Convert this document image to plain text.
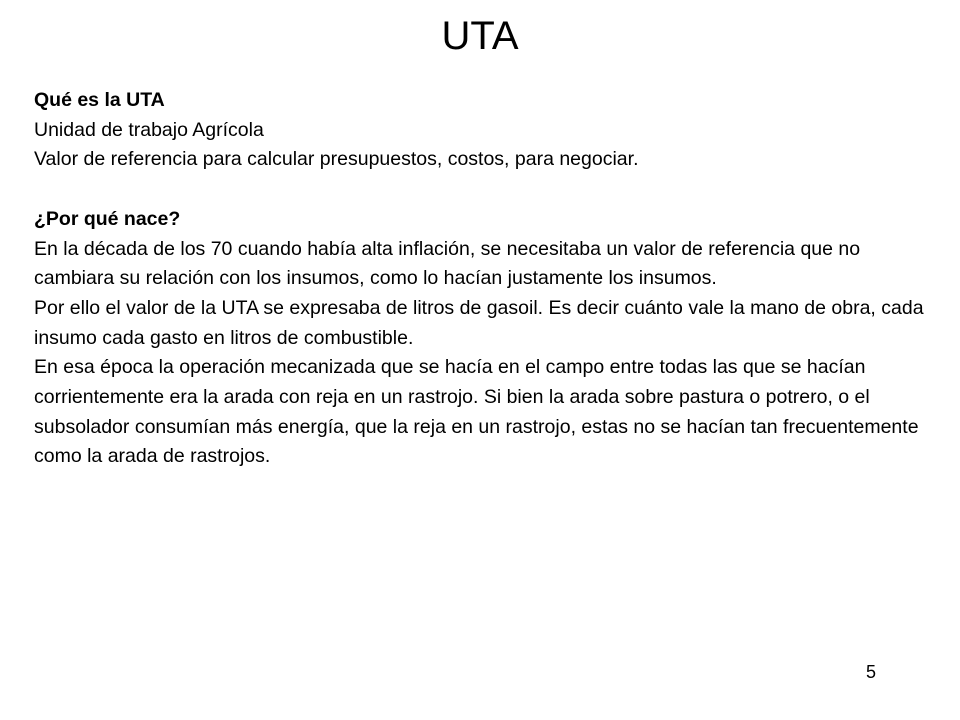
UTA

Qué es la UTA

Unidad de trabajo Agrícola

Valor de referencia para calcular presupuestos, costos, para negociar.

¿Por qué nace?

En la década de los 70 cuando había alta inflación, se necesitaba un valor de referencia que no cambiara su relación con los insumos, como lo hacían justamente los insumos.

Por ello el valor de la UTA se expresaba de litros de gasoil. Es decir cuánto vale la mano de obra, cada insumo cada gasto en litros de combustible.

En esa época la operación mecanizada que se hacía en el campo entre todas las que se hacían corrientemente era la arada con reja en un rastrojo. Si bien la arada sobre pastura o potrero, o el subsolador consumían más energía, que la reja en un rastrojo, estas no se hacían tan frecuentemente como la arada de rastrojos.

5
